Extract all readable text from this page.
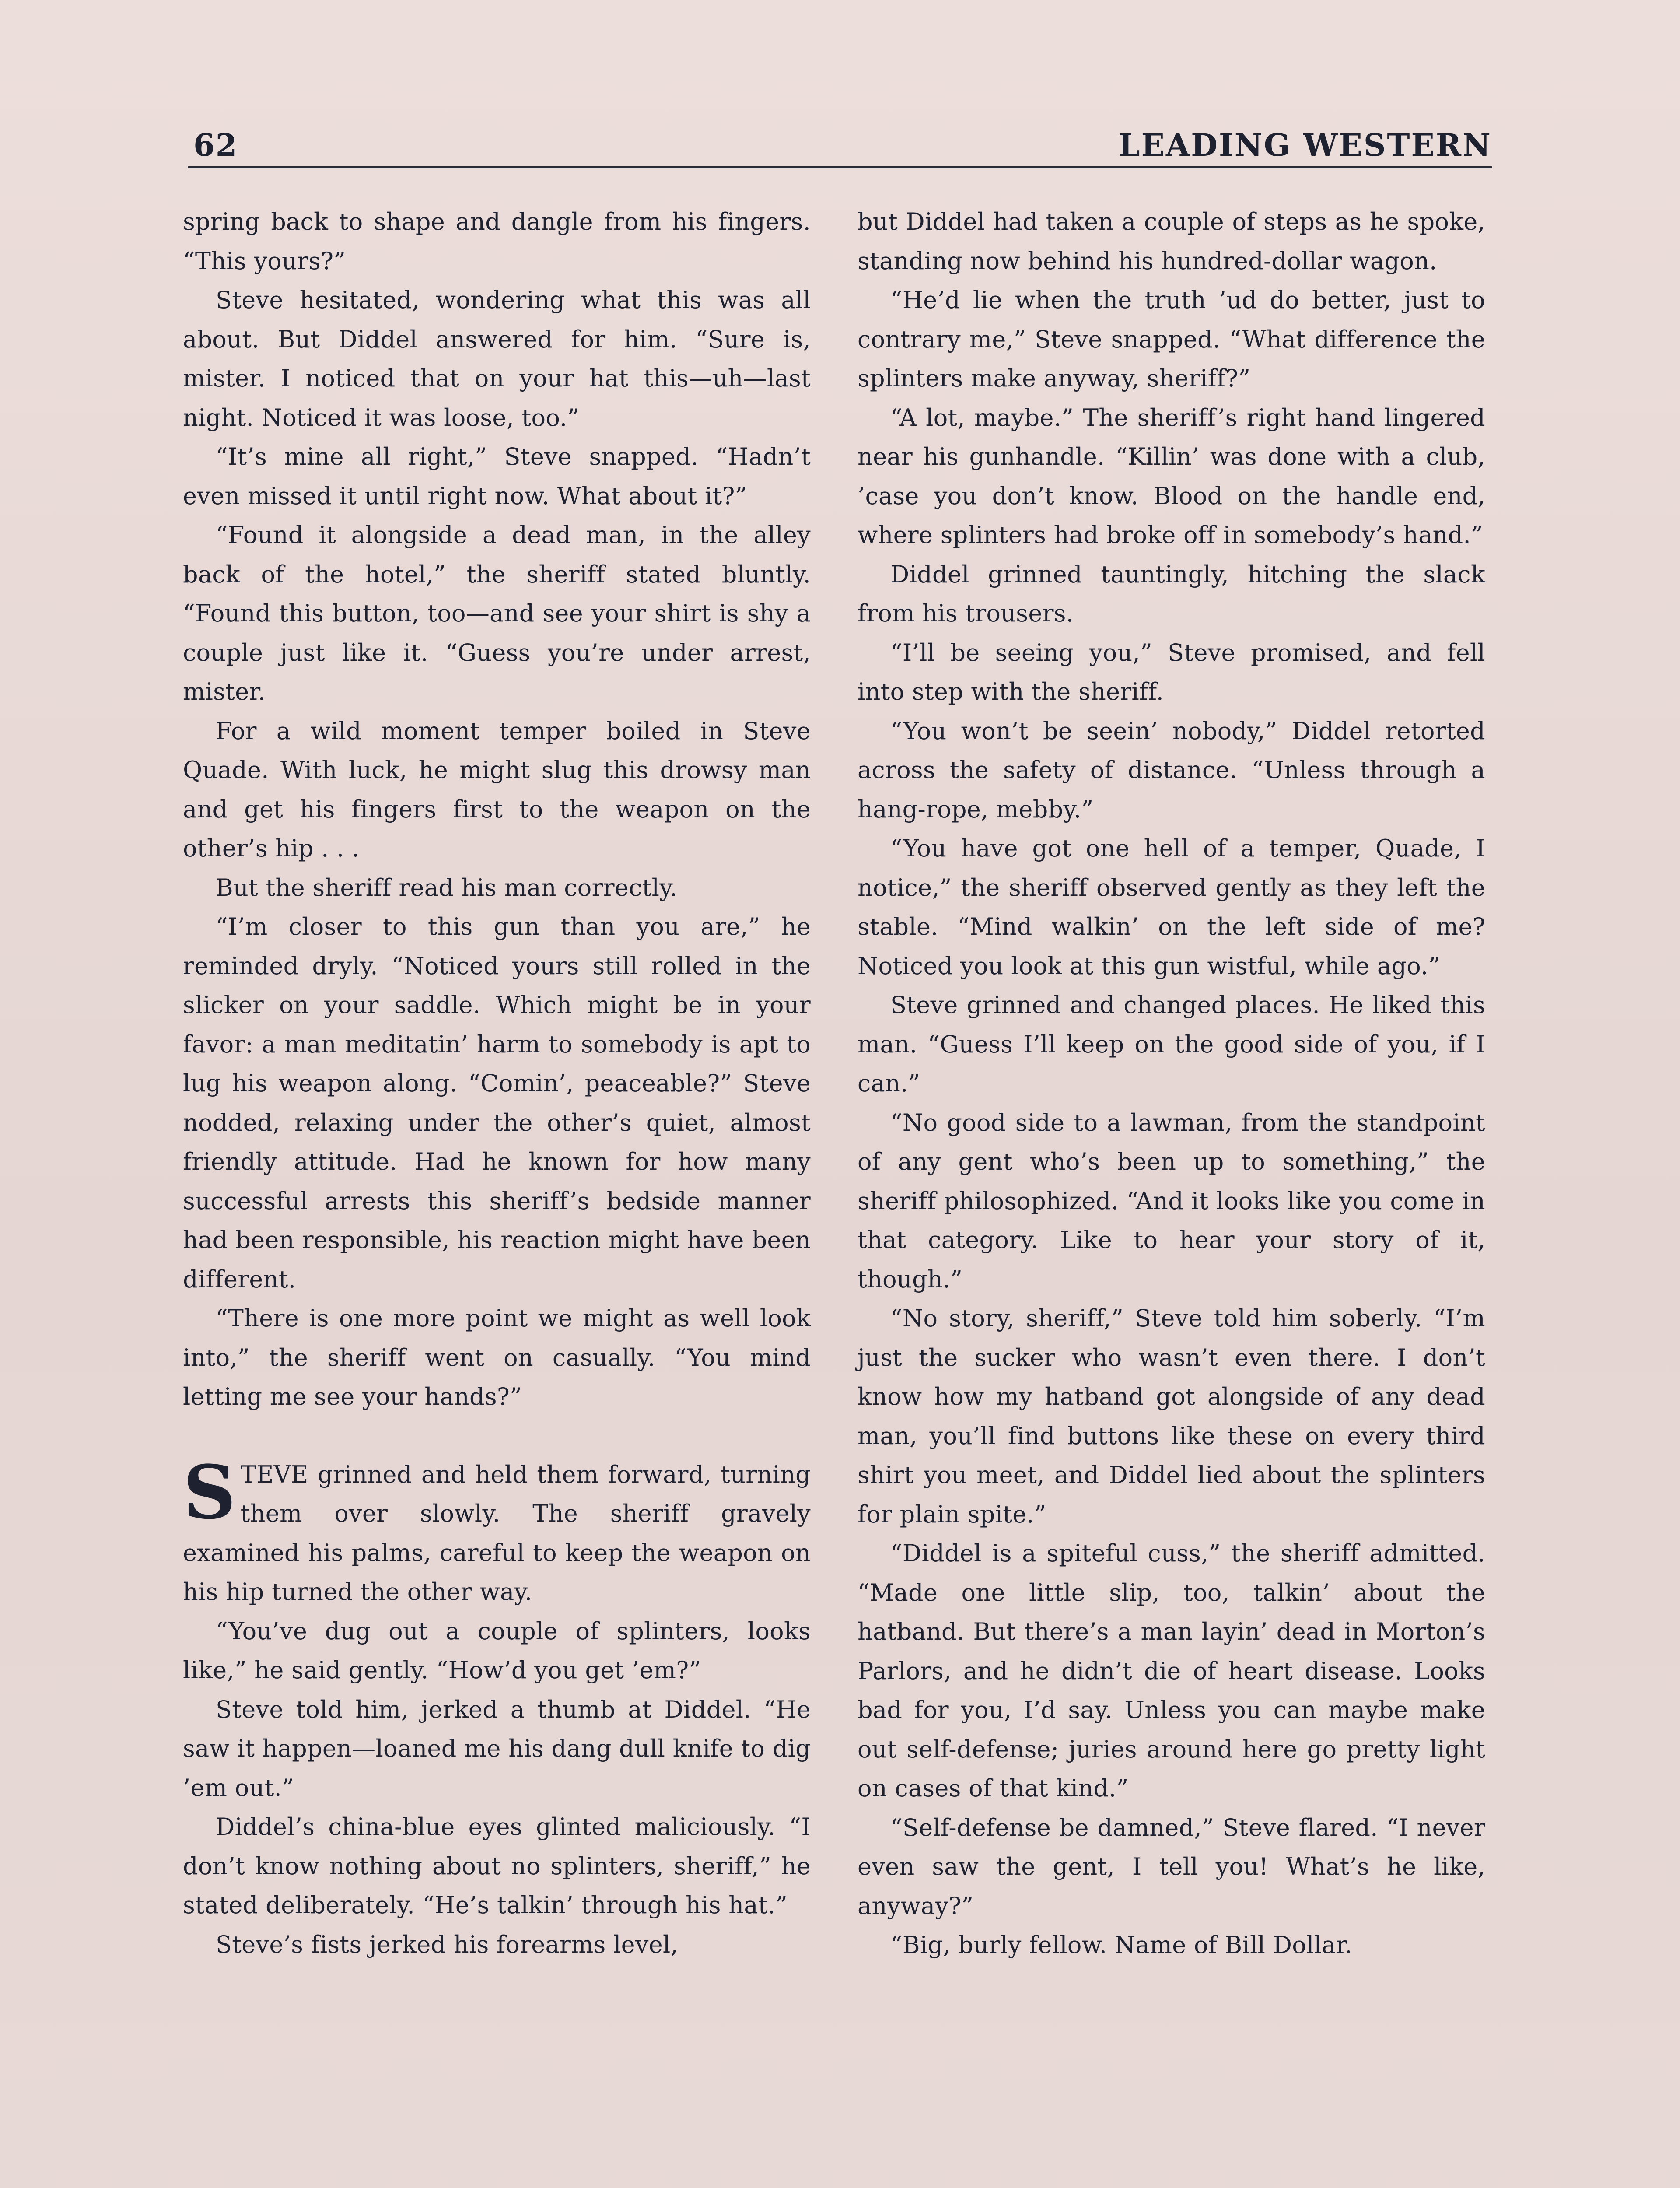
62	LEADING WESTERN

spring back to shape and dangle from his fingers. “This yours?”

Steve hesitated, wondering what this was all about. But Diddel answered for him. “Sure is, mister. I noticed that on your hat this—uh—last night. Noticed it was loose, too.”

“It’s mine all right,” Steve snapped. “Hadn’t even missed it until right now. What about it?”

“Found it alongside a dead man, in the alley back of the hotel,” the sheriff stated bluntly. “Found this button, too—and see your shirt is shy a couple just like it. “Guess you’re under arrest, mister.

For a wild moment temper boiled in Steve Quade. With luck, he might slug this drowsy man and get his fingers first to the weapon on the other’s hip . . .

But the sheriff read his man correctly.

“I’m closer to this gun than you are,” he reminded dryly. “Noticed yours still rolled in the slicker on your saddle. Which might be in your favor: a man meditatin’ harm to somebody is apt to lug his weapon along. “Comin’, peaceable?” Steve nodded, relaxing under the other’s quiet, almost friendly attitude. Had he known for how many successful arrests this sheriff’s bedside manner had been responsible, his reaction might have been different.

“There is one more point we might as well look into,” the sheriff went on casually. “You mind letting me see your hands?”

STEVE grinned and held them forward, turning them over slowly. The sheriff gravely examined his palms, careful to keep the weapon on his hip turned the other way.

“You’ve dug out a couple of splinters, looks like,” he said gently. “How’d you get ’em?”

Steve told him, jerked a thumb at Diddel. “He saw it happen—loaned me his dang dull knife to dig ’em out.”

Diddel’s china-blue eyes glinted maliciously. “I don’t know nothing about no splinters, sheriff,” he stated deliberately. “He’s talkin’ through his hat.”

Steve’s fists jerked his forearms level,

but Diddel had taken a couple of steps as he spoke, standing now behind his hundred-dollar wagon.

“He’d lie when the truth ’ud do better, just to contrary me,” Steve snapped. “What difference the splinters make anyway, sheriff?”

“A lot, maybe.” The sheriff’s right hand lingered near his gunhandle. “Killin’ was done with a club, ’case you don’t know. Blood on the handle end, where splinters had broke off in somebody’s hand.”

Diddel grinned tauntingly, hitching the slack from his trousers.

“I’ll be seeing you,” Steve promised, and fell into step with the sheriff.

“You won’t be seein’ nobody,” Diddel retorted across the safety of distance. “Unless through a hang-rope, mebby.”

“You have got one hell of a temper, Quade, I notice,” the sheriff observed gently as they left the stable. “Mind walkin’ on the left side of me? Noticed you look at this gun wistful, while ago.”

Steve grinned and changed places. He liked this man. “Guess I’ll keep on the good side of you, if I can.”

“No good side to a lawman, from the standpoint of any gent who’s been up to something,” the sheriff philosophized. “And it looks like you come in that category. Like to hear your story of it, though.”

“No story, sheriff,” Steve told him soberly. “I’m just the sucker who wasn’t even there. I don’t know how my hatband got alongside of any dead man, you’ll find buttons like these on every third shirt you meet, and Diddel lied about the splinters for plain spite.”

“Diddel is a spiteful cuss,” the sheriff admitted. “Made one little slip, too, talkin’ about the hatband. But there’s a man layin’ dead in Morton’s Parlors, and he didn’t die of heart disease. Looks bad for you, I’d say. Unless you can maybe make out self-defense; juries around here go pretty light on cases of that kind.”

“Self-defense be damned,” Steve flared. “I never even saw the gent, I tell you! What’s he like, anyway?”

“Big, burly fellow. Name of Bill Dollar.
